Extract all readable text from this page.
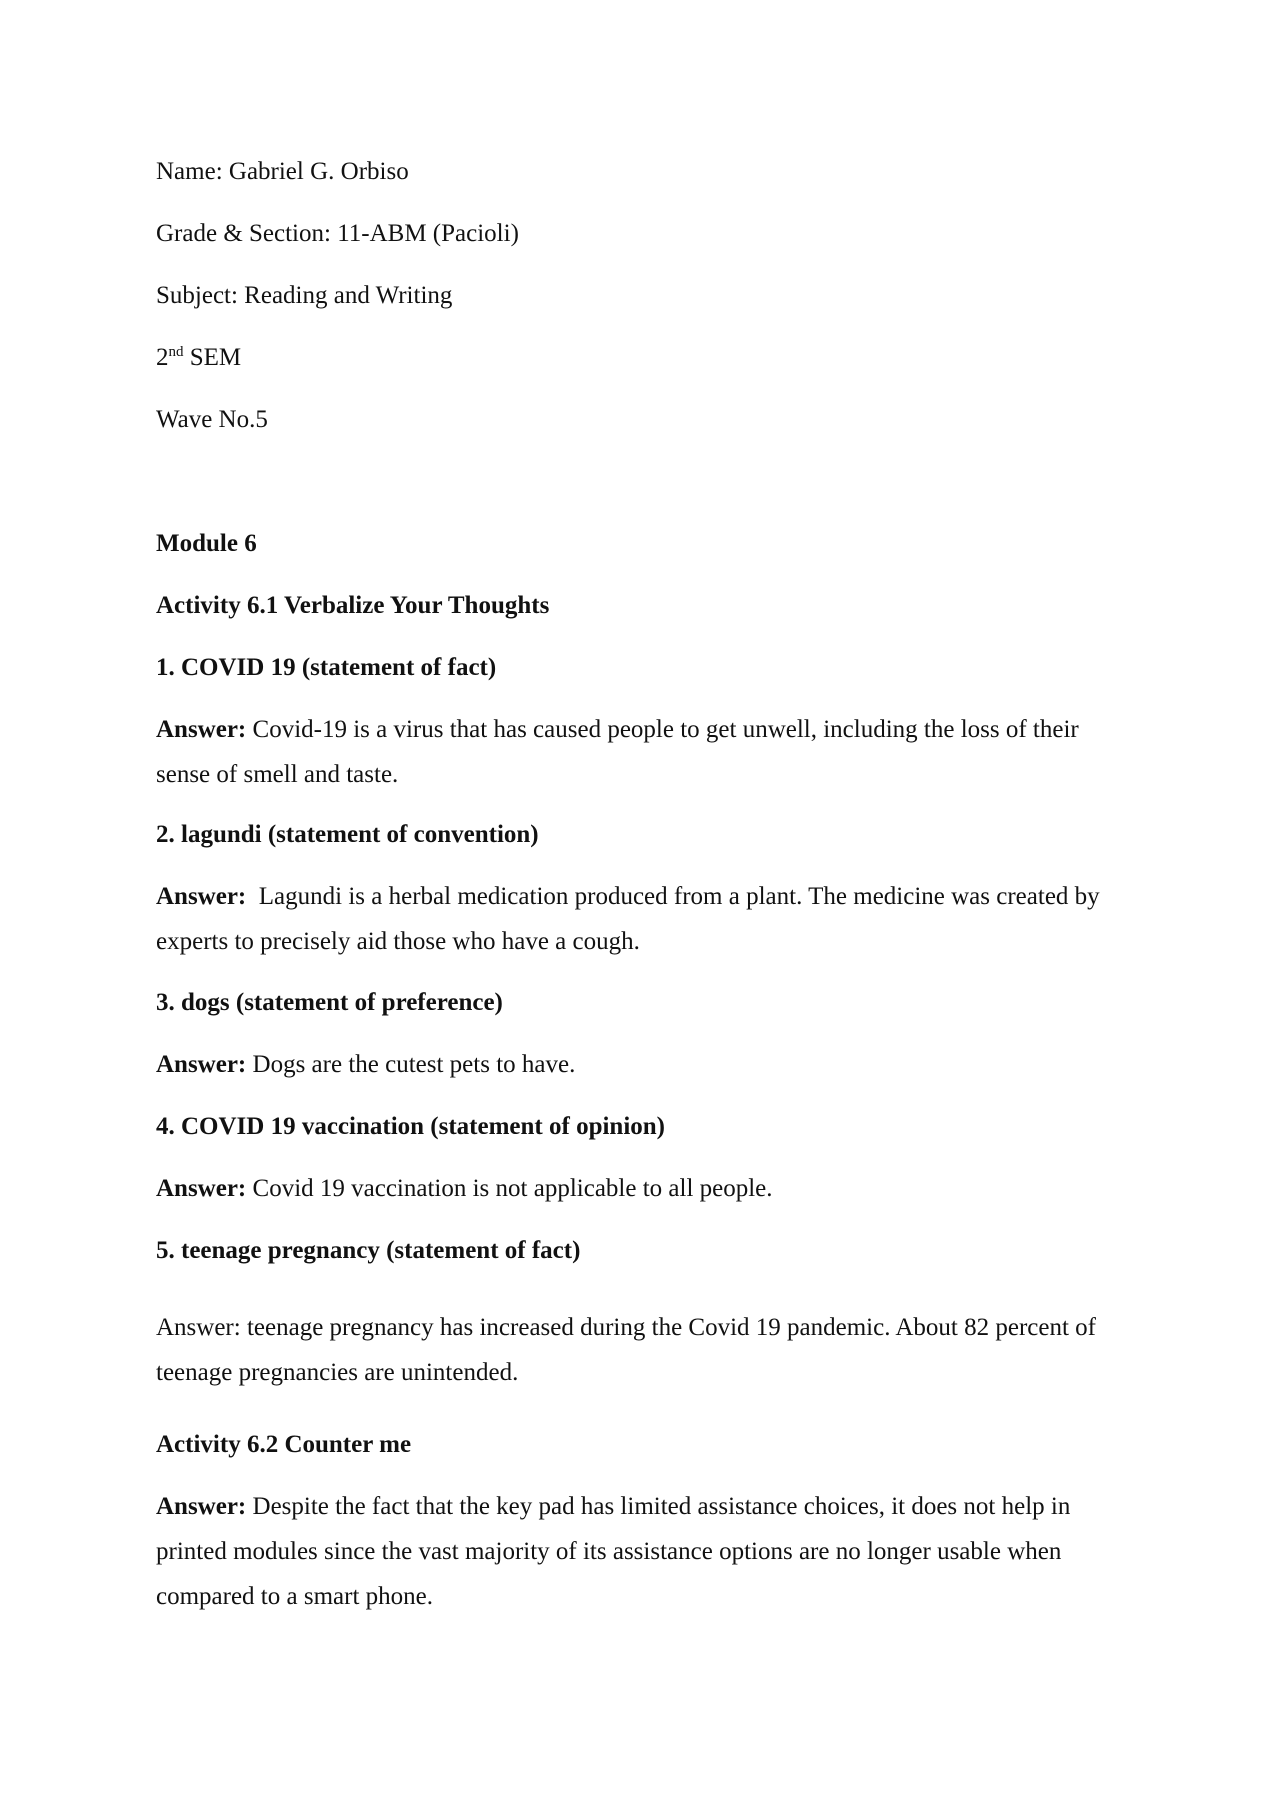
Name: Gabriel G. Orbiso
Grade & Section: 11-ABM (Pacioli)
Subject: Reading and Writing
2nd SEM
Wave No.5
Module 6
Activity 6.1 Verbalize Your Thoughts
1. COVID 19 (statement of fact)
Answer: Covid-19 is a virus that has caused people to get unwell, including the loss of their sense of smell and taste.
2. lagundi (statement of convention)
Answer:  Lagundi is a herbal medication produced from a plant. The medicine was created by experts to precisely aid those who have a cough.
3. dogs (statement of preference)
Answer: Dogs are the cutest pets to have.
4. COVID 19 vaccination (statement of opinion)
Answer: Covid 19 vaccination is not applicable to all people.
5. teenage pregnancy (statement of fact)
Answer: teenage pregnancy has increased during the Covid 19 pandemic. About 82 percent of teenage pregnancies are unintended.
Activity 6.2 Counter me
Answer: Despite the fact that the key pad has limited assistance choices, it does not help in printed modules since the vast majority of its assistance options are no longer usable when compared to a smart phone.
